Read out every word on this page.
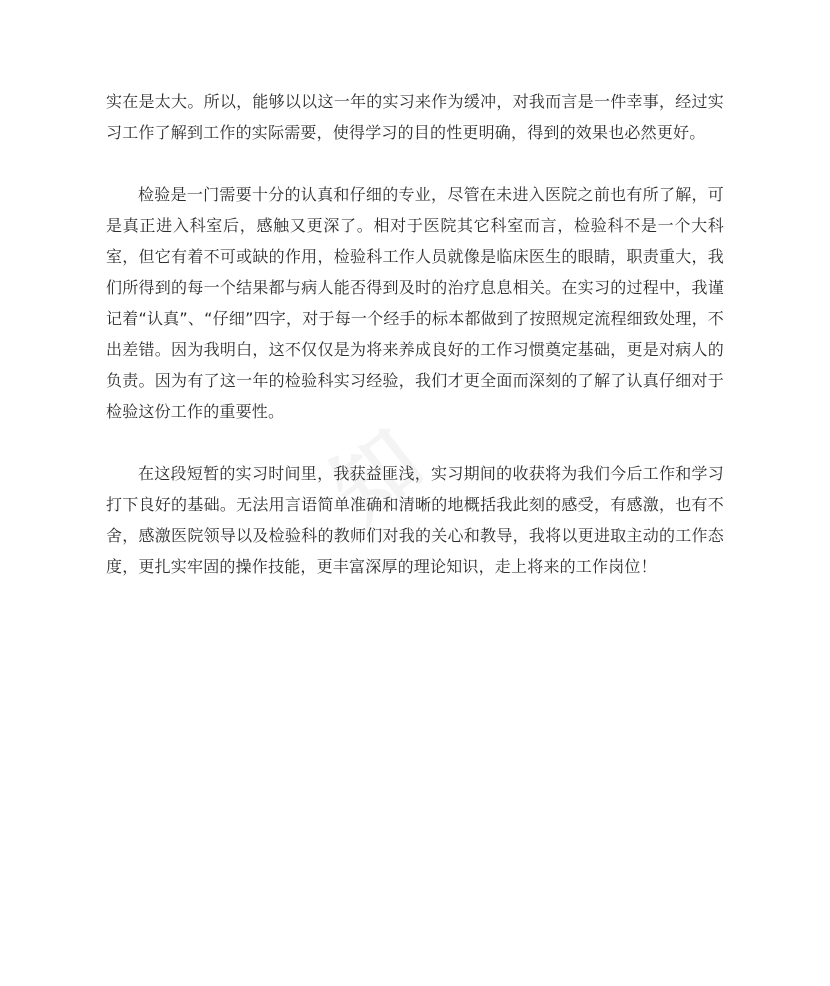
实在是太大。所以，能够以以这一年的实习来作为缓冲，对我而言是一件幸事，经过实习工作了解到工作的实际需要，使得学习的目的性更明确，得到的效果也必然更好。

检验是一门需要十分的认真和仔细的专业，尽管在未进入医院之前也有所了解，可是真正进入科室后，感触又更深了。相对于医院其它科室而言，检验科不是一个大科室，但它有着不可或缺的作用，检验科工作人员就像是临床医生的眼睛，职责重大，我们所得到的每一个结果都与病人能否得到及时的治疗息息相关。在实习的过程中，我谨记着“认真”、“仔细”四字，对于每一个经手的标本都做到了按照规定流程细致处理，不出差错。因为我明白，这不仅仅是为将来养成良好的工作习惯奠定基础，更是对病人的负责。因为有了这一年的检验科实习经验，我们才更全面而深刻的了解了认真仔细对于检验这份工作的重要性。

在这段短暂的实习时间里，我获益匪浅，实习期间的收获将为我们今后工作和学习打下良好的基础。无法用言语简单准确和清晰的地概括我此刻的感受，有感激，也有不舍，感激医院领导以及检验科的教师们对我的关心和教导，我将以更进取主动的工作态度，更扎实牢固的操作技能，更丰富深厚的理论知识，走上将来的工作岗位！
